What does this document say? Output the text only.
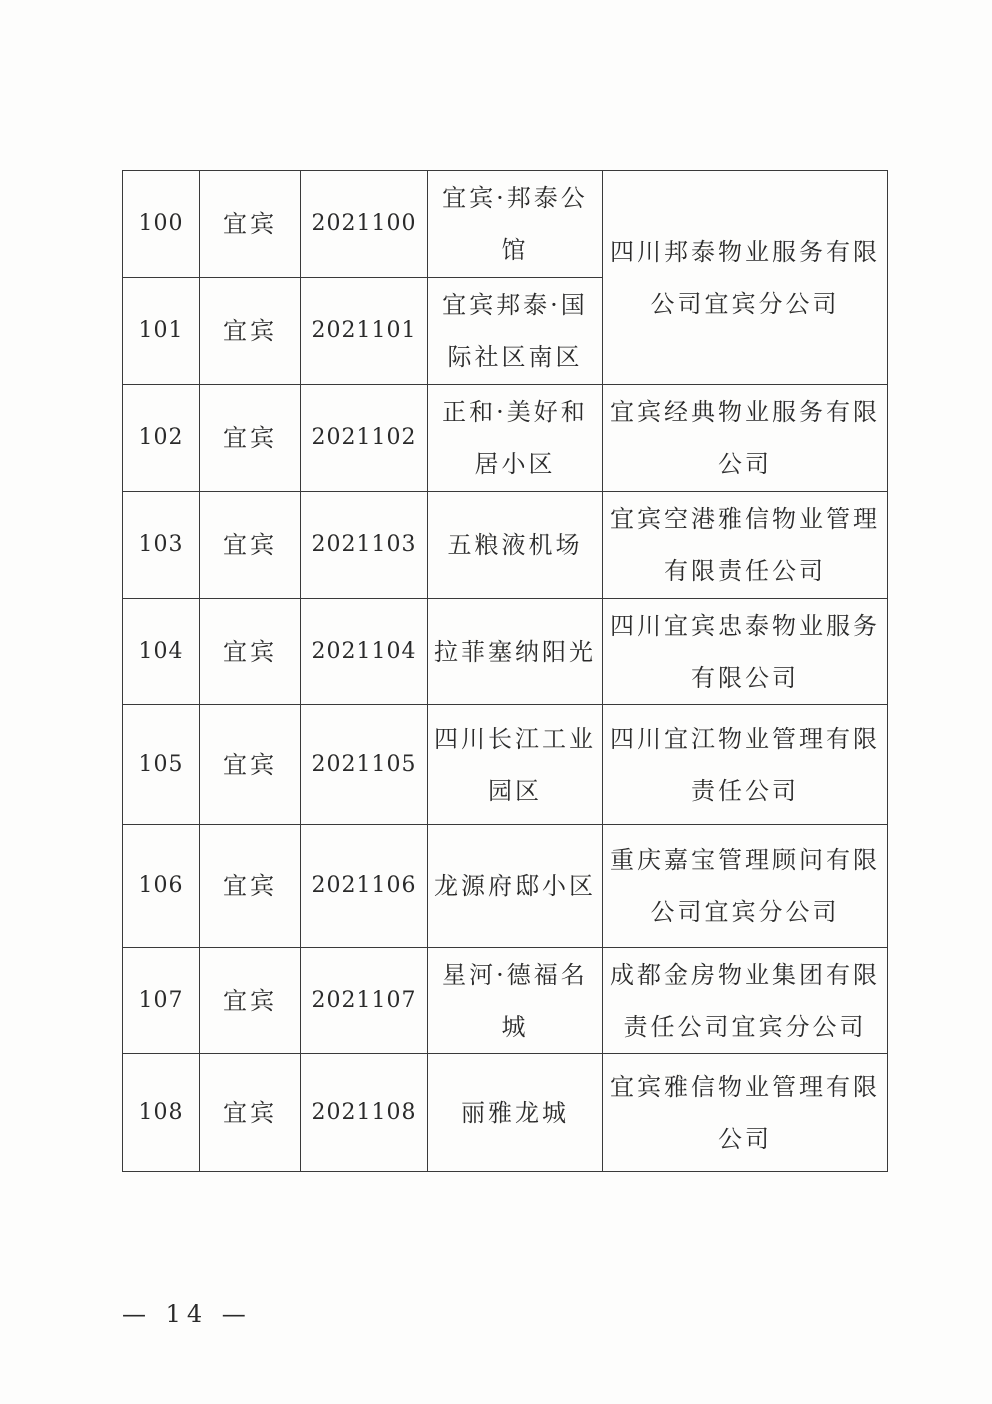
100	宜宾	2021100	宜宾·邦泰公馆	四川邦泰物业服务有限公司宜宾分公司
101	宜宾	2021101	宜宾邦泰·国际社区南区	
102	宜宾	2021102	正和·美好和居小区	宜宾经典物业服务有限公司
103	宜宾	2021103	五粮液机场	宜宾空港雅信物业管理有限责任公司
104	宜宾	2021104	拉菲塞纳阳光	四川宜宾忠泰物业服务有限公司
105	宜宾	2021105	四川长江工业园区	四川宜江物业管理有限责任公司
106	宜宾	2021106	龙源府邸小区	重庆嘉宝管理顾问有限公司宜宾分公司
107	宜宾	2021107	星河·德福名城	成都金房物业集团有限责任公司宜宾分公司
108	宜宾	2021108	丽雅龙城	宜宾雅信物业管理有限公司
— 14 —
